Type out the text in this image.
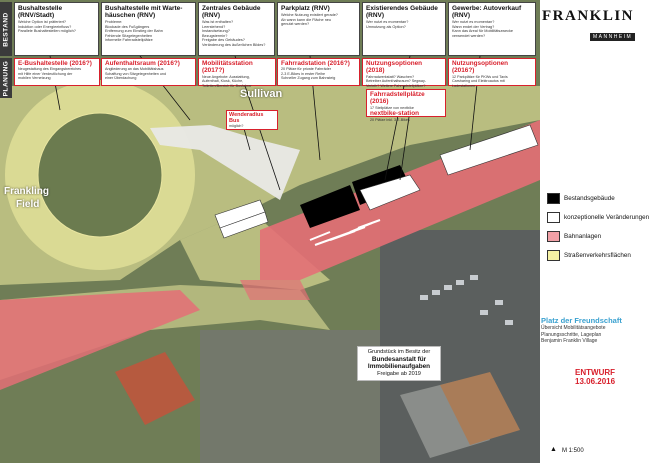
BESTAND
PLANUNG
Bushaltestelle (RNV/Stadt)
Welche Option ist präferiert?
Induktion oder Energieeinfluss?
Parallele Bushaltestellen möglich?
Bushaltestelle mit Warte-häuschen (RNV)
Probleme:
Blockade des Fußgängers
Entfernung zum Einstieg der Bahn
Fehlende Sitzgelegenheiten
informelle Fahrradstellplätze
Zentrales Gebäude (RNV)
Was ist enthalten?
Leerstehend?
Instandsetzung?
Bezugstermin?
Freigabe des Gebäudes?
Veränderung des äußerlichen Bildes?
Parkplatz (RNV)
Welche Nutzung existiert gerade?
Ab wann kann die Fläche neu
genutzt werden?
Existierendes Gebäude (RNV)
Wer nutzt es momentan?
Umnutzung als Option?
Gewerbe: Autoverkauf (RNV)
Wer nutzt es momentan?
Wann endet der Vertrag?
Kann das Areal für Mobilitätszwecke
verwendet werden?
E-Bushaltestelle (2016?)
Neugestaltung des Eingangsbereiches
mit Hilfe einer Verdeutlichung der
mobilen Vernetzung
Aufenthaltsraum (2016?)
Angliederung an das Mobilitätshaus
Schaffung von Sitzgelegenheiten und
einer Überdachung
Mobilitätsstation (2017?)
Neue Angebote: Ausstattung,
Aufenthalt, Kiosk, Küche,
Toiletten/Bereich für Busfahrer
Fahrradstation (2016?)
20 Plätze für private Fahrräder
2-3 E-Bikes in erster Reihe
Schneller Zugang zum Bahnsteig
Nutzungsoptionen (2018)
Fahrradwerkstatt? Waschen?
Betreiber Aufenthaltsraum? Segway-
Verleih? Weitere Fahrradstellplätze?
Nutzungsoptionen (2016?)
12 Parkplätze für PKWs und Taxis
Carsharing und Elektroautos mit
Ladestationen
Fahrradstellplätze (2016)
17 Stellplätze von nextbike
nextbike-station
20 Plätze inkl. 3 E-Bikes
Wenderadius Bus
möglich?
Sullivan
Frankling
Field
Grundstück im Besitz der
Bundesanstalt für
Immobilienaufgaben
Freigabe ab 2019
FRANKLIN
MANNHEIM
Bestandsgebäude
konzeptionelle Veränderungen
Bahnanlagen
Straßenverkehrsflächen
Platz der Freundschaft
Übersicht Mobilitätsangebote
Planungsschritte, Lageplan
Benjamin Franklin Village
ENTWURF
13.06.2016
▲ M 1:500
